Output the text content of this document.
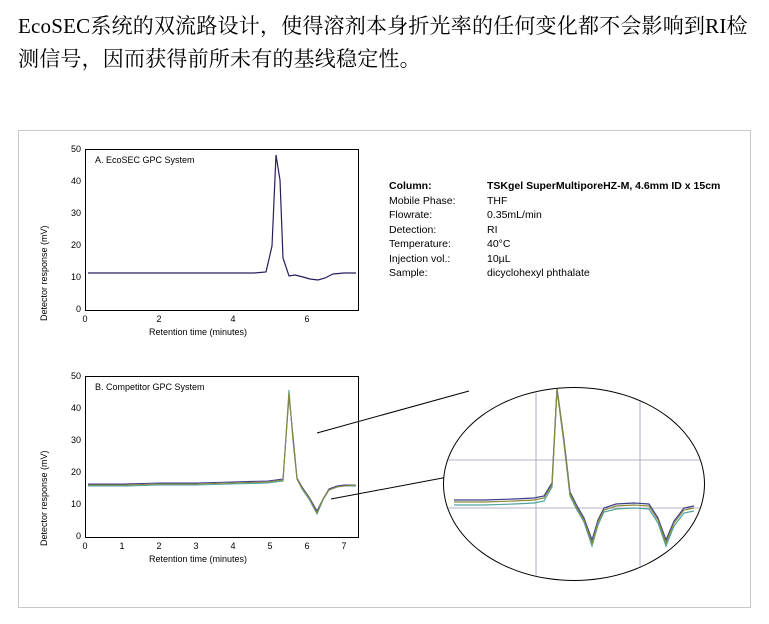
EcoSEC系统的双流路设计，使得溶剂本身折光率的任何变化都不会影响到RI检测信号，因而获得前所未有的基线稳定性。
Detector response (mV)
50
40
30
20
10
0
A. EcoSEC GPC System
0	2	4	6
Retention time (minutes)
Detector response (mV)
50
40
30
20
10
0
B. Competitor GPC System
0	1	2	3	4	5	6	7
Retention time (minutes)
Column:	TSKgel SuperMultiporeHZ-M, 4.6mm ID x 15cm
Mobile Phase:	THF
Flowrate:	0.35mL/min
Detection:	RI
Temperature:	40°C
Injection vol.:	10µL
Sample:	dicyclohexyl phthalate
